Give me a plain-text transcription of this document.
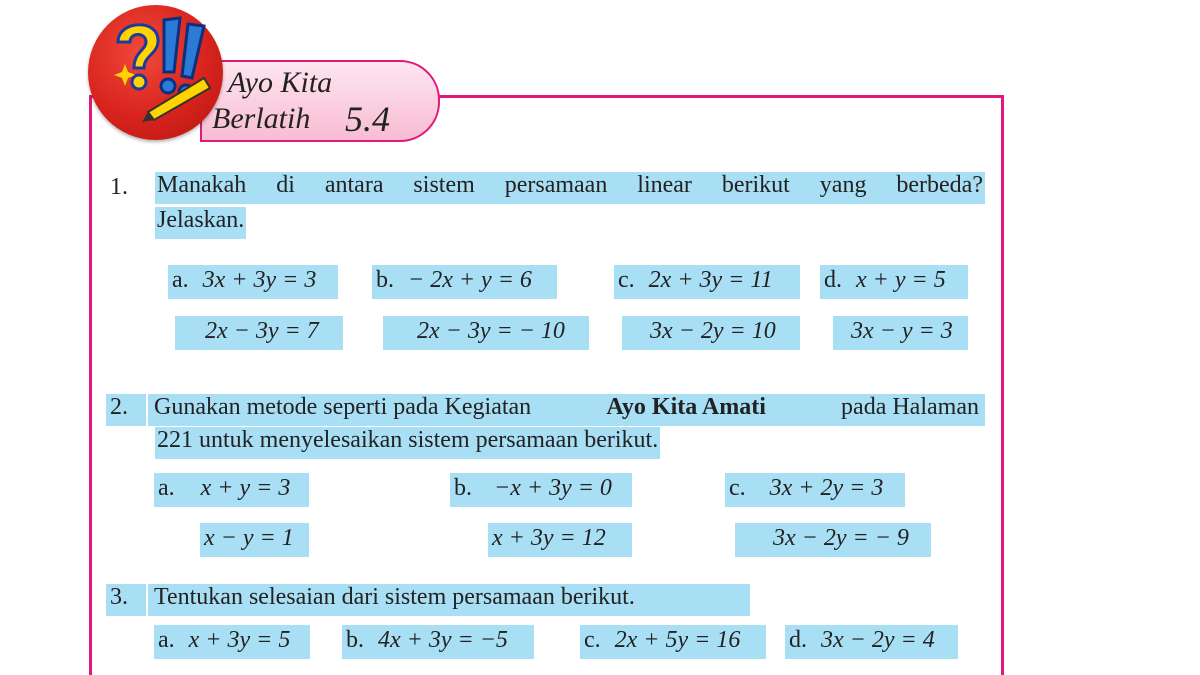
Ayo Kita
Berlatih 5.4
1. Manakah di antara sistem persamaan linear berikut yang berbeda?
Jelaskan.
a. 3x + 3y = 3
2x − 3y = 7
b. − 2x + y = 6
2x − 3y = − 10
c. 2x + 3y = 11
3x − 2y = 10
d. x + y = 5
3x − y = 3
2.	Gunakan metode seperti pada Kegiatan	Ayo Kita Amati	pada Halaman
221 untuk menyelesaikan sistem persamaan berikut.
a. x + y = 3
x − y = 1
b. −x + 3y = 0
x + 3y = 12
c. 3x + 2y = 3
3x − 2y = − 9
3.	Tentukan selesaian dari sistem persamaan berikut.
a. x + 3y = 5	b. 4x + 3y = −5	c. 2x + 5y = 16	d. 3x − 2y = 4
